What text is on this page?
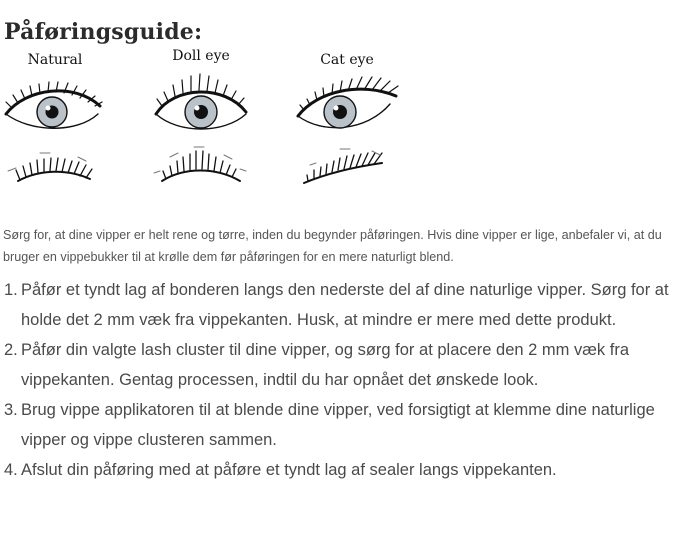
Påføringsguide:
Natural	Doll eye	Cat eye

Sørg for, at dine vipper er helt rene og tørre, inden du begynder påføringen. Hvis dine vipper er lige, anbefaler vi, at du bruger en vippebukker til at krølle dem før påføringen for en mere naturligt blend.

1. Påfør et tyndt lag af bonderen langs den nederste del af dine naturlige vipper. Sørg for at holde det 2 mm væk fra vippekanten. Husk, at mindre er mere med dette produkt.
2. Påfør din valgte lash cluster til dine vipper, og sørg for at placere den 2 mm væk fra vippekanten. Gentag processen, indtil du har opnået det ønskede look.
3. Brug vippe applikatoren til at blende dine vipper, ved forsigtigt at klemme dine naturlige vipper og vippe clusteren sammen.
4. Afslut din påføring med at påføre et tyndt lag af sealer langs vippekanten.
